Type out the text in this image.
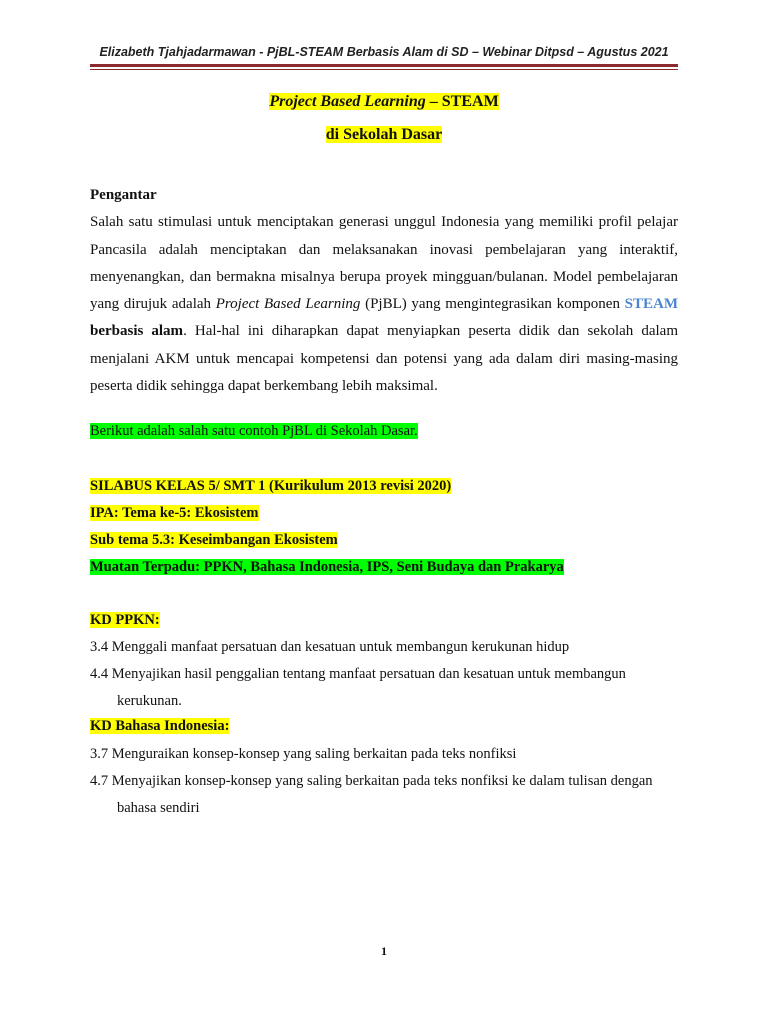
Elizabeth Tjahjadarmawan - PjBL-STEAM Berbasis Alam di SD – Webinar Ditpsd – Agustus 2021
Project Based Learning – STEAM
di Sekolah Dasar
Pengantar
Salah satu stimulasi untuk menciptakan generasi unggul Indonesia yang memiliki profil pelajar
Pancasila adalah menciptakan dan melaksanakan inovasi pembelajaran yang interaktif,
menyenangkan, dan bermakna misalnya berupa proyek mingguan/bulanan. Model pembelajaran
yang dirujuk adalah Project Based Learning (PjBL) yang mengintegrasikan komponen STEAM
berbasis alam. Hal-hal ini diharapkan dapat menyiapkan peserta didik dan sekolah dalam
menjalani AKM untuk mencapai kompetensi dan potensi yang ada dalam diri masing-masing
peserta didik sehingga dapat berkembang lebih maksimal.
Berikut adalah salah satu contoh PjBL di Sekolah Dasar.
SILABUS KELAS 5/ SMT 1 (Kurikulum 2013 revisi 2020)
IPA: Tema ke-5: Ekosistem
Sub tema 5.3: Keseimbangan Ekosistem
Muatan Terpadu: PPKN, Bahasa Indonesia, IPS, Seni Budaya dan Prakarya
KD PPKN:
3.4 Menggali manfaat persatuan dan kesatuan untuk membangun kerukunan hidup
4.4 Menyajikan hasil penggalian tentang manfaat persatuan dan kesatuan untuk membangun
kerukunan.
KD Bahasa Indonesia:
3.7 Menguraikan konsep-konsep yang saling berkaitan pada teks nonfiksi
4.7 Menyajikan konsep-konsep yang saling berkaitan pada teks nonfiksi ke dalam tulisan dengan
bahasa sendiri
1
